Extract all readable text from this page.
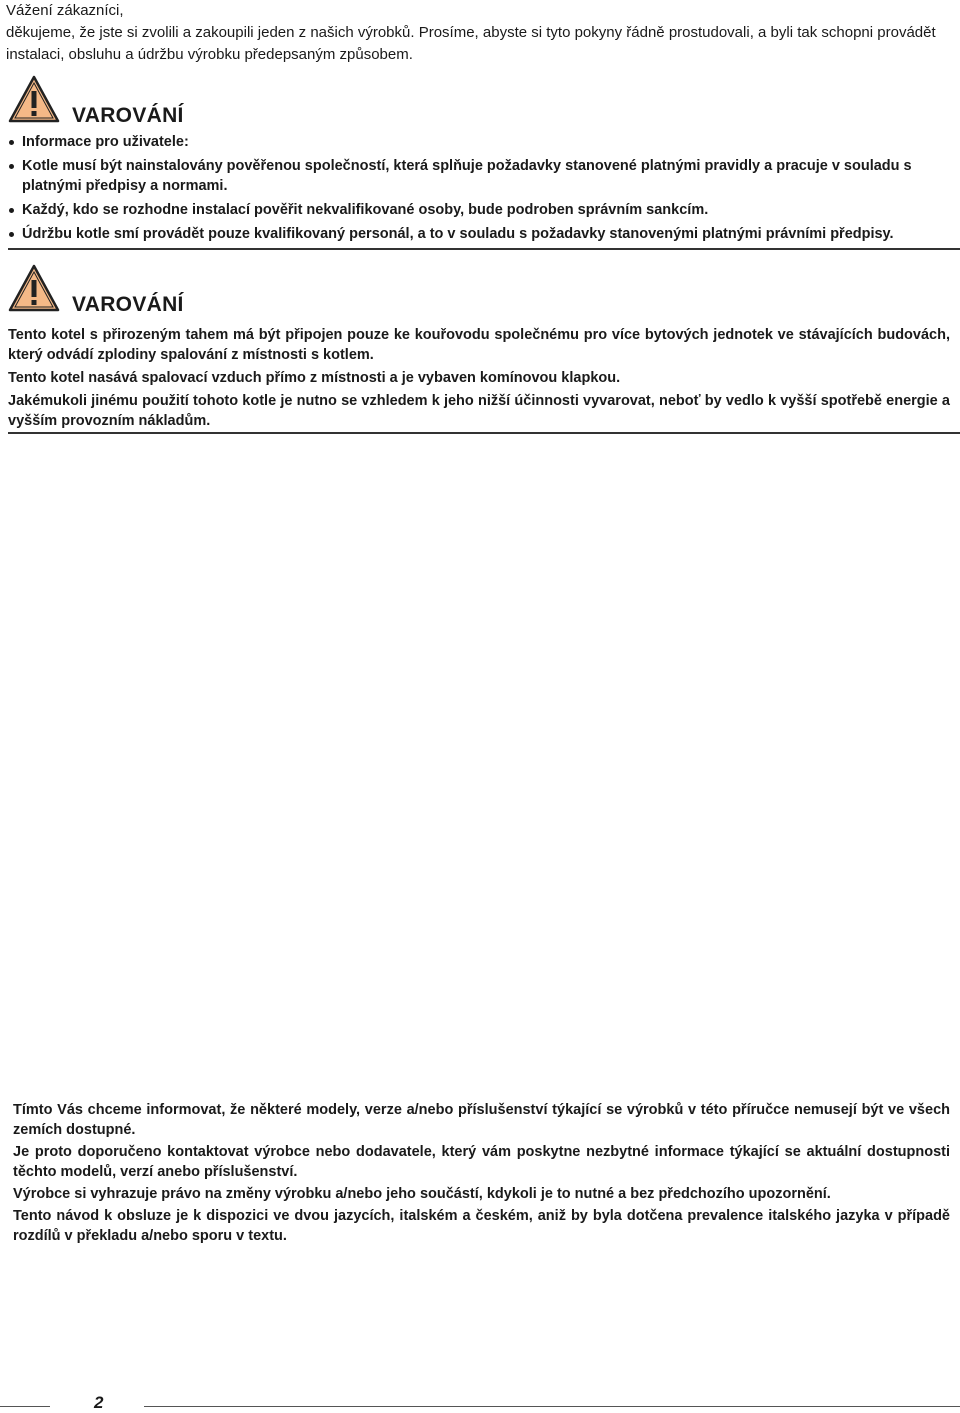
Vážení zákazníci,

děkujeme, že jste si zvolili a zakoupili jeden z našich výrobků. Prosíme, abyste si tyto pokyny řádně prostudovali, a byli tak schopni provádět instalaci, obsluhu a údržbu výrobku předepsaným způsobem.

VAROVÁNÍ
Informace pro uživatele:
Kotle musí být nainstalovány pověřenou společností, která splňuje požadavky stanovené platnými pravidly a pracuje v souladu s platnými předpisy a normami.
Každý, kdo se rozhodne instalací pověřit nekvalifikované osoby, bude podroben správním sankcím.
Údržbu kotle smí provádět pouze kvalifikovaný personál, a to v souladu s požadavky stanovenými platnými právními předpisy.
VAROVÁNÍ

Tento kotel s přirozeným tahem má být připojen pouze ke kouřovodu společnému pro více bytových jednotek ve stávajících budovách, který odvádí zplodiny spalování z místnosti s kotlem.

Tento kotel nasává spalovací vzduch přímo z místnosti a je vybaven komínovou klapkou.

Jakémukoli jinému použití tohoto kotle je nutno se vzhledem k jeho nižší účinnosti vyvarovat, neboť by vedlo k vyšší spotřebě energie a vyšším provozním nákladům.

Tímto Vás chceme informovat, že některé modely, verze a/nebo příslušenství týkající se výrobků v této příručce nemusejí být ve všech zemích dostupné.

Je proto doporučeno kontaktovat výrobce nebo dodavatele, který vám poskytne nezbytné informace týkající se aktuální dostupnosti těchto modelů, verzí anebo příslušenství.

Výrobce si vyhrazuje právo na změny výrobku a/nebo jeho součástí, kdykoli je to nutné a bez předchozího upozornění.

Tento návod k obsluze je k dispozici ve dvou jazycích, italském a českém, aniž by byla dotčena prevalence italského jazyka v případě rozdílů v překladu a/nebo sporu v textu.

2
